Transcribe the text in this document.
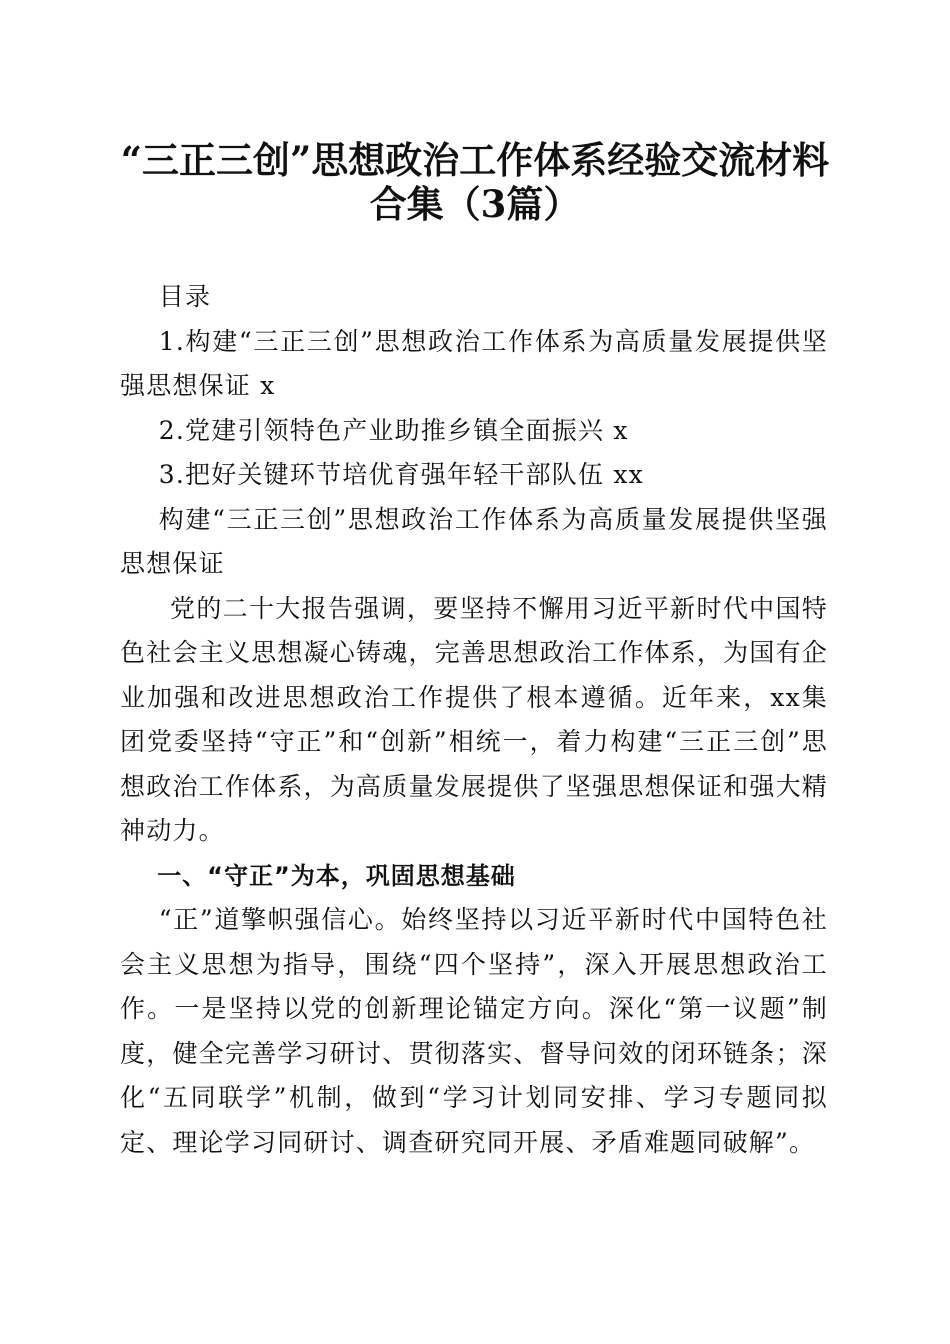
“三正三创”思想政治工作体系经验交流材料
合集（3篇）

目录

1.构建“三正三创”思想政治工作体系为高质量发展提供坚强思想保证 x

2.党建引领特色产业助推乡镇全面振兴 x

3.把好关键环节培优育强年轻干部队伍 xx

构建“三正三创”思想政治工作体系为高质量发展提供坚强思想保证

党的二十大报告强调，要坚持不懈用习近平新时代中国特色社会主义思想凝心铸魂，完善思想政治工作体系，为国有企业加强和改进思想政治工作提供了根本遵循。近年来，xx集团党委坚持“守正”和“创新”相统一，着力构建“三正三创”思想政治工作体系，为高质量发展提供了坚强思想保证和强大精神动力。

一、“守正”为本，巩固思想基础

“正”道擎帜强信心。始终坚持以习近平新时代中国特色社会主义思想为指导，围绕“四个坚持”，深入开展思想政治工作。一是坚持以党的创新理论锚定方向。深化“第一议题”制度，健全完善学习研讨、贯彻落实、督导问效的闭环链条；深化“五同联学”机制，做到“学习计划同安排、学习专题同拟定、理论学习同研讨、调查研究同开展、矛盾难题同破解”。
